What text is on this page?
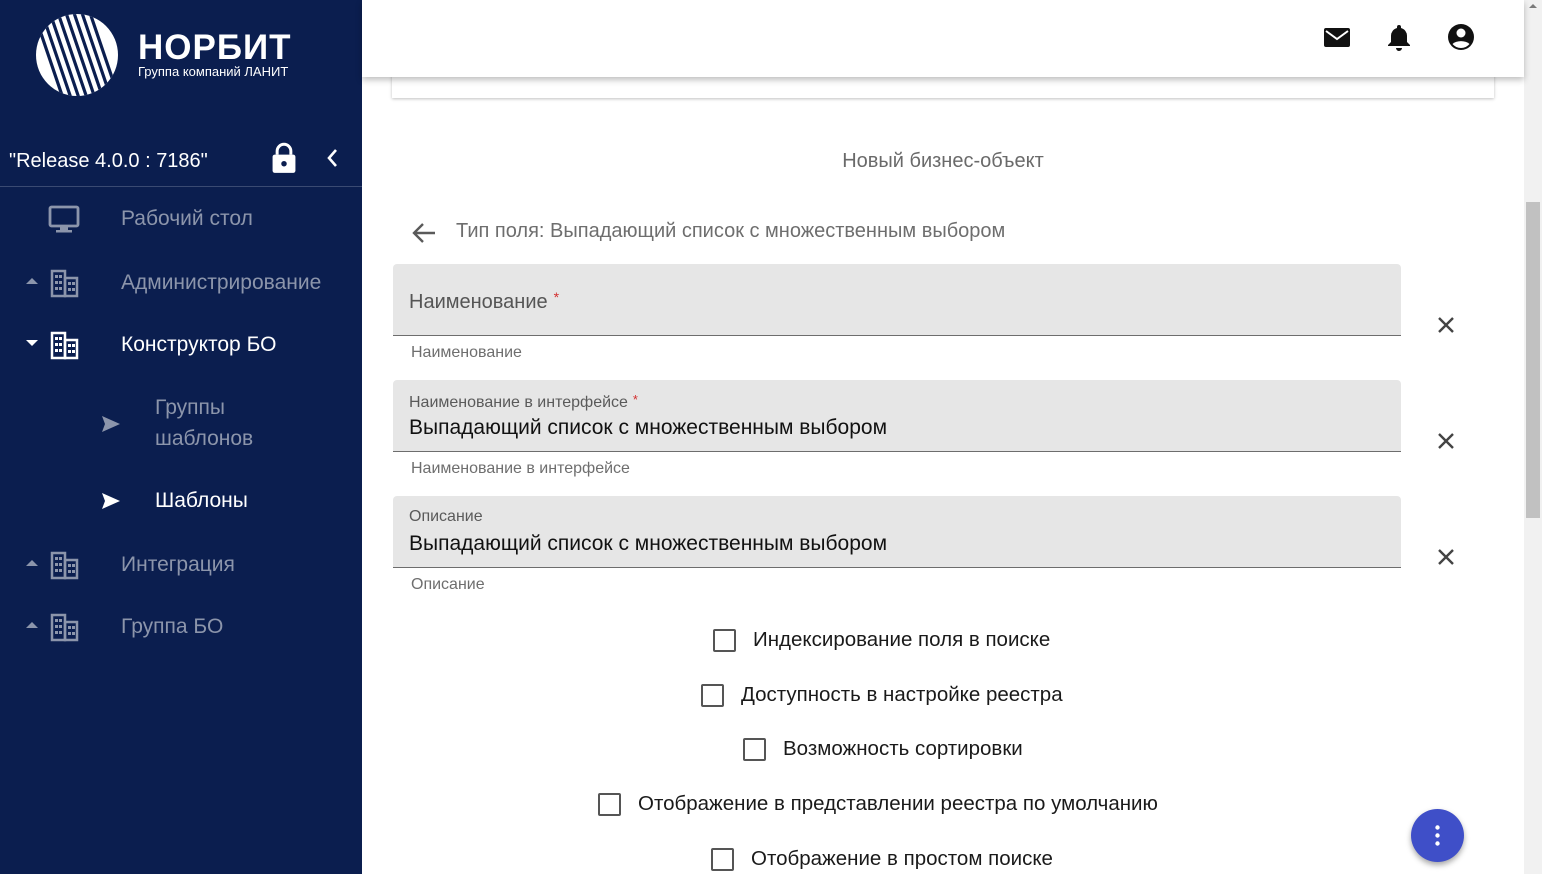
НОРБИТ
Группа компаний ЛАНИТ
"Release 4.0.0 : 7186"
Рабочий стол
Администрирование
Конструктор БО
Группы шаблонов
Шаблоны
Интеграция
Группа БО
Новый бизнес-объект
Тип поля: Выпадающий список с множественным выбором
Наименование *
Наименование
Наименование в интерфейсе *
Выпадающий список с множественным выбором
Наименование в интерфейсе
Описание
Выпадающий список с множественным выбором
Описание
Индексирование поля в поиске
Доступность в настройке реестра
Возможность сортировки
Отображение в представлении реестра по умолчанию
Отображение в простом поиске
